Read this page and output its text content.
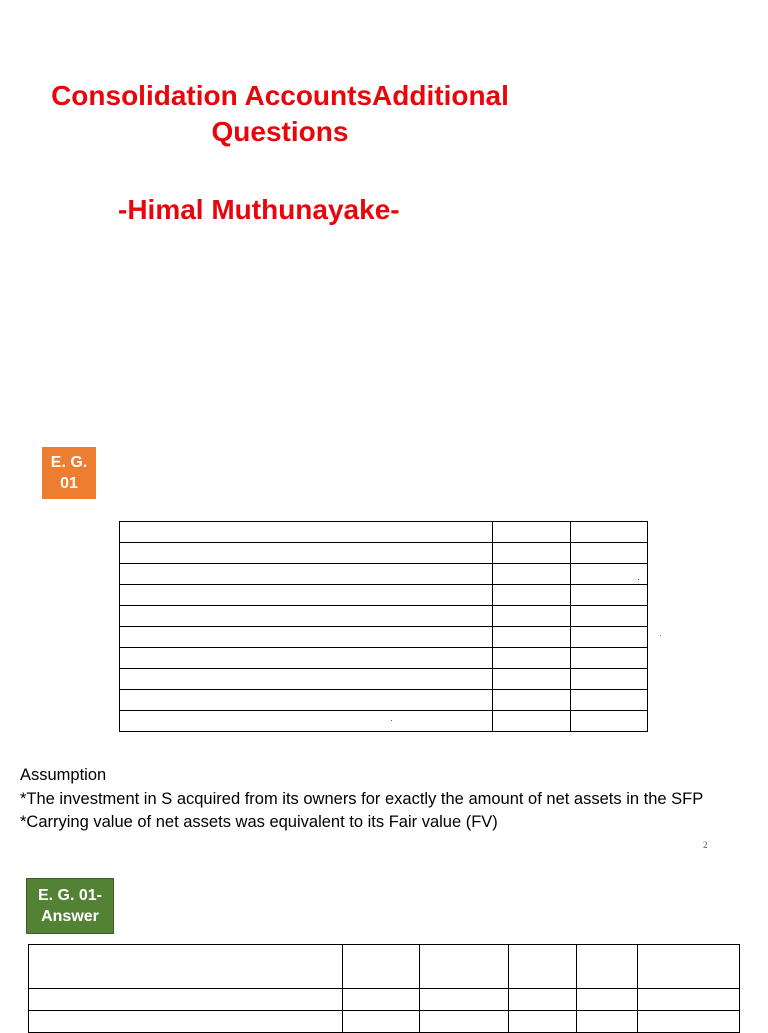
Consolidation AccountsAdditional Questions
-Himal Muthunayake-
E. G.
01

Assumption
*The investment in S acquired from its owners for exactly the amount of net assets in the SFP
*Carrying value of net assets was equivalent to its Fair value (FV)
2
E. G. 01-
Answer
